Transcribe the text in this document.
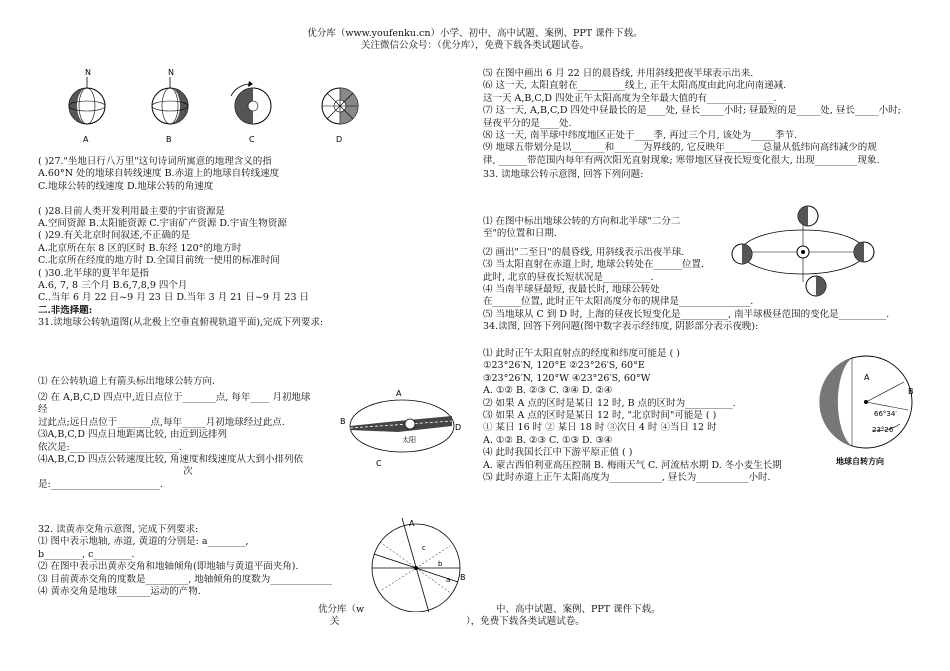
优分库（www.youfenku.cn）小学、初中、高中试题、案例、PPT 课件下载。
关注微信公众号：（优分库），免费下载各类试题试卷。
N
A
N
B	C	D
( )27."坐地日行八万里"这句诗词所寓意的地理含义的指
A.60°N 处的地球自转线速度 B.赤道上的地球自转线速度
C.地球公转的线速度 D.地球公转的角速度
( )28.目前人类开发利用最主要的宇宙资源是
A.空间资源 B.太阳能资源 C.宇宙矿产资源 D.宇宙生物资源
( )29.有关北京时间叙述,不正确的是
A.北京所在东 8 区的区时 B.东经 120°的地方时
C.北京所在经度的地方时 D.全国目前统一使用的标准时间
( )30.北半球的夏半年是指
A.6, 7, 8 三个月 B.6,7,8,9 四个月
C..当年 6 月 22 日~9 月 23 日 D.当年 3 月 21 日~9 月 23 日
二.非选择题:
31.读地球公转轨道图(从北极上空垂直俯视轨道平面),完成下列要求:
⑴ 在公转轨道上有箭头标出地球公转方向.
⑵ 在 A,B,C,D 四点中,近日点位于_______点, 每年____ 月初地球
经
过此点;远日点位于_______点,每年_____月初地球经过此点.
⑶A,B,C,D 四点日地距离比较, 由近到远排列
依次是:_______________________.
⑷A,B,C,D 四点公转速度比较, 角速度和线速度从大到小排列依
次
是:_______________________.
太阳
A
B
C
D
32. 读黄赤交角示意图, 完成下列要求:
⑴ 图中表示地轴, 赤道, 黄道的分别是: a________,
b________, c________.
⑵ 在图中表示出黄赤交角和地轴倾角(即地轴与黄道平面夹角).
⑶ 目前黄赤交角的度数是_________, 地轴倾角的度数为_____________
⑷ 黄赤交角是地球_______运动的产物.
A
B
c
b
a
⑸ 在图中画出 6 月 22 日的晨昏线, 并用斜线把夜半球表示出来.
⑹ 这一天, 太阳直射在__________线上, 正午太阳高度由此向北向南递减.
这一天 A,B,C,D 四处正午太阳高度为全年最大值的有______________.
⑺ 这一天, A,B,C,D 四处中昼最长的是____处, 昼长_____小时; 昼最短的是_____处, 昼长_____小时;
昼夜平分的是____处.
⑻ 这一天, 南半球中纬度地区正处于____季, 再过三个月, 该处为_____季节.
⑼ 地球五带划分是以_______和______为界线的, 它反映年________总量从低纬向高纬减少的规
律, ______带范围内每年有两次阳光直射现象; 寒带地区昼夜长短变化很大, 出现_________现象.
33. 读地球公转示意图, 回答下列问题:
⑴ 在图中标出地球公转的方向和北半球"二分二
至"的位置和日期.
⑵ 画出"二至日"的晨昏线, 用斜线表示出夜半球.
⑶ 当太阳直射在赤道上时, 地球公转处在______位置.
此时, 北京的昼夜长短状况是__________.
⑷ 当南半球昼最短, 夜最长时, 地球公转处
在______位置, 此时正午太阳高度分布的规律是_______________.
⑸ 当地球从 C 到 D 时, 上海的昼夜长短变化是__________, 南半球极昼范围的变化是__________.
34.读图, 回答下列问题(图中数字表示经纬度, 阴影部分表示夜晚):
⑴ 此时正午太阳直射点的经度和纬度可能是 ( )
①23°26′N, 120°E ②23°26′S, 60°E
③23°26′N, 120°W ④23°26′S, 60°W
A. ①② B. ②③ C. ③④ D. ②④
⑵ 如果 A 点的区时是某日 12 时, B 点的区时为__________.
⑶ 如果 A 点的区时是某日 12 时, "北京时间"可能是 ( )
① 某日 16 时 ② 某日 18 时 ③次日 4 时 ④当日 12 时
A. ①② B. ②③ C. ①③ D. ③④
⑷ 此时我国长江中下游平原正值 ( )
A. 蒙古西伯利亚高压控制 B. 梅雨天气 C. 河流枯水期 D. 冬小麦生长期
⑸ 此时赤道上正午太阳高度为___________, 昼长为___________小时.
A
B
66°34′
23°26′
地球自转方向
优分库（w	中、高中试题、案例、PPT 课件下载。
关	），免费下载各类试题试卷。
